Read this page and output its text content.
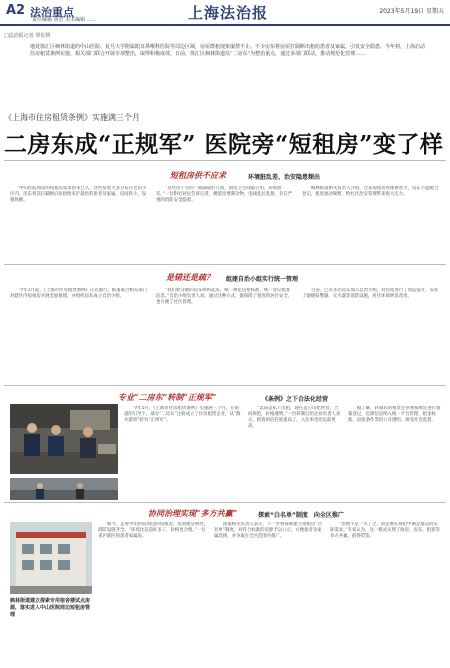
A2 法治重点
责任编辑 黄浩 美术编辑 ……	上海法治报	2023年5月19日 星期五
□法治报记者 覃佐媛
地处徐汇区枫林街道的中山医院、复旦大学附属眼耳鼻喉科医院等周边区域，房屋群租现象屡禁不止。不少房东将房屋打隔断出租给患者及家属，引发安全隐患。今年初，上海启动住房租赁条例实施，相关部门联合开展专项整治，取得积极成效。日前，徐汇区枫林街道以“二房东”为整治重点，通过多部门联动，推动规范化管理……
《上海市住房租赁条例》实施满三个月
二房东成“正规军” 医院旁“短租房”变了样
短租房供不应求	环境脏乱差、治安隐患频出

中山医院周边的短租房需求由来已久。这些房屋大多分布在老旧小区内，房东将其打隔断后短租给来沪就医的患者及家属，房间狭小、设施简陋。

“这些房子有的一间隔成好几间，厨房卫生间都公用，环境很差。”一位附近居民告诉记者，楼道里堆满杂物，电线乱拉乱接，存在严重的消防安全隐患。

枫林街道相关负责人介绍，过去短租房管理难度大，房东不愿配合登记，租客流动频繁，给社区治安管理带来很大压力。

是错还是疏？ 组建自治小组实行统一管理

今年3月起，《上海市住房租赁条例》正式施行。街道联合相关部门对辖区内短租房开展全面排摸，并组织房东成立自治小组。

“我们把分散的房东组织起来，统一规范房屋标准，统一登记租客信息。”自治小组负责人说，通过这种方式，既保障了租客的居住安全，也方便了社区管理。

目前，已有多名房东加入自治小组，对房屋进行了改造提升，安装了烟感报警器、灭火器等消防设施，居住环境明显改善。

专业“二房东”转制“正规军”	《条例》之下合法化经营

今年5月，《上海市住房租赁条例》实施满三个月。在街道的引导下，部分“二房东”注册成立了住房租赁企业，从“散兵游勇”转为“正规军”。

“以前是私下出租，现在是公司化经营，合同规范，价格透明。”一位转制后的企业负责人表示，租客的信任度提高了，入住率也比以前更高。

据了解，转制后的租赁企业须按规定进行备案登记，房源信息纳入统一平台管理，租金标准、房屋条件等均公开透明，接受社会监督。

协同治理实现“多方共赢”	探索“白名单”制度　向全区推广
枫林街道建立探索专用宿舍楼试点房源，落实进入中山医院周边短租房管理

如今，走进中山医院周边的短租房，房间整洁明亮，消防设施齐全。“环境比以前好多了，价格也合理。”一位来沪就医的患者家属说。

街道相关负责人表示，下一步将探索建立短租房“白名单”制度，对符合标准的房源予以公示，方便患者及家属选择，并争取在全区范围内推广。

“治理不是一关了之，而是要在规范中满足群众的实际需求。”专家认为，这一模式实现了政府、房东、租客等多方共赢，值得借鉴。
